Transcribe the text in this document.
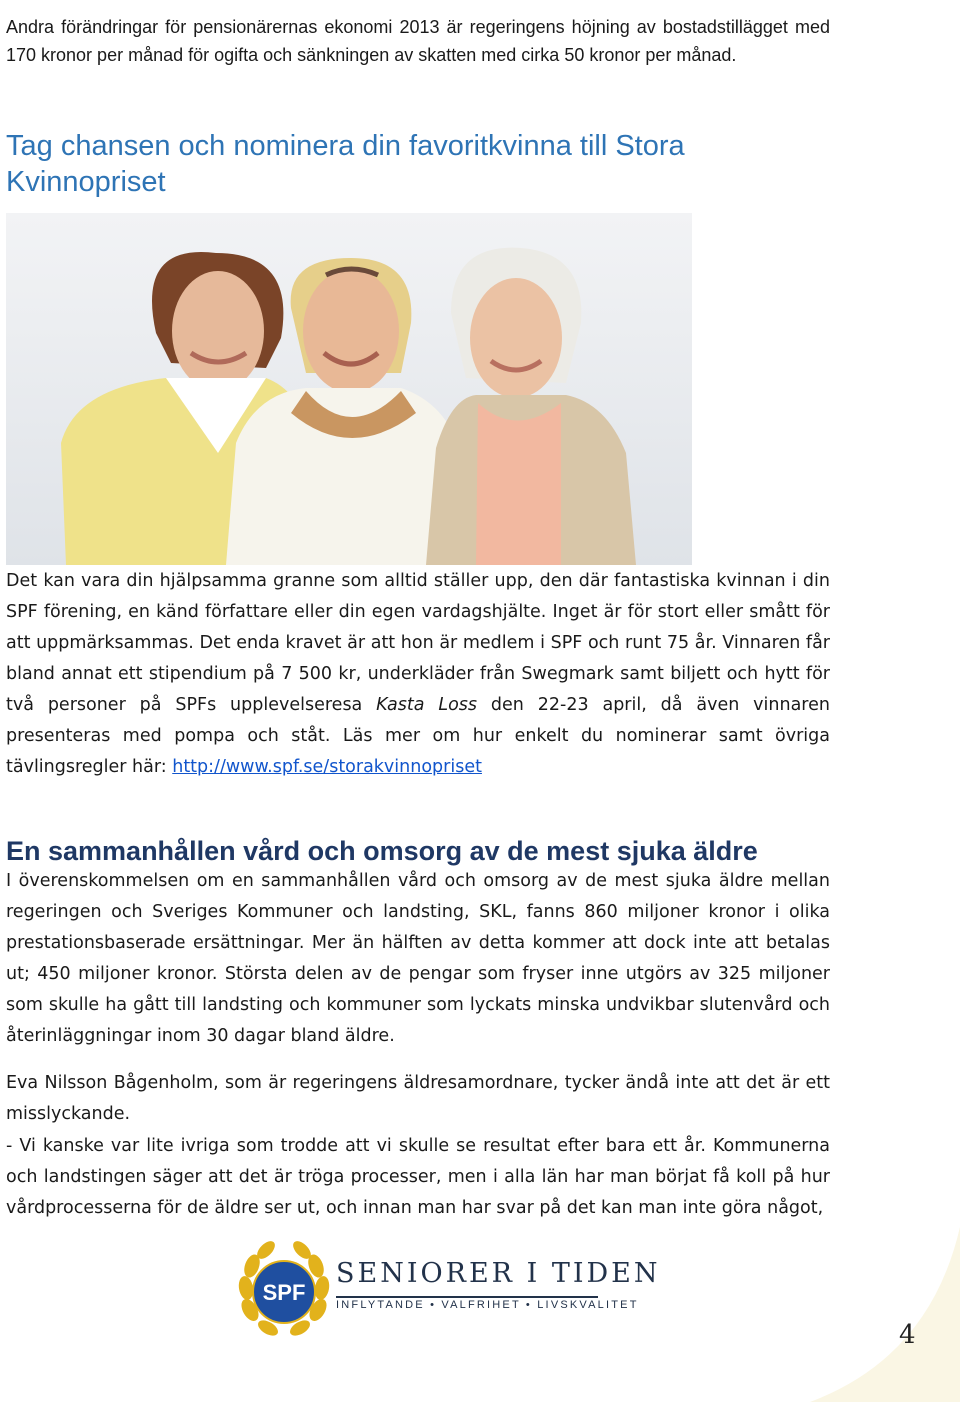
Andra förändringar för pensionärernas ekonomi 2013 är regeringens höjning av bostadstillägget med 170 kronor per månad för ogifta och sänkningen av skatten med cirka 50 kronor per månad.

Tag chansen och nominera din favoritkvinna till Stora Kvinnopriset

Det kan vara din hjälpsamma granne som alltid ställer upp, den där fantastiska kvinnan i din SPF förening, en känd författare eller din egen vardagshjälte. Inget är för stort eller smått för att uppmärksammas. Det enda kravet är att hon är medlem i SPF och runt 75 år. Vinnaren får bland annat ett stipendium på 7 500 kr, underkläder från Swegmark samt biljett och hytt för två personer på SPFs upplevelseresa Kasta Loss den 22-23 april, då även vinnaren presenteras med pompa och ståt. Läs mer om hur enkelt du nominerar samt övriga tävlingsregler här: http://www.spf.se/storakvinnopriset

En sammanhållen vård och omsorg av de mest sjuka äldre

I överenskommelsen om en sammanhållen vård och omsorg av de mest sjuka äldre mellan regeringen och Sveriges Kommuner och landsting, SKL, fanns 860 miljoner kronor i olika prestationsbaserade ersättningar. Mer än hälften av detta kommer att dock inte att betalas ut; 450 miljoner kronor. Största delen av de pengar som fryser inne utgörs av 325 miljoner som skulle ha gått till landsting och kommuner som lyckats minska undvikbar slutenvård och återinläggningar inom 30 dagar bland äldre.

Eva Nilsson Bågenholm, som är regeringens äldresamordnare, tycker ändå inte att det är ett misslyckande.

- Vi kanske var lite ivriga som trodde att vi skulle se resultat efter bara ett år. Kommunerna och landstingen säger att det är tröga processer, men i alla län har man börjat få koll på hur vårdprocesserna för de äldre ser ut, och innan man har svar på det kan man inte göra något,

SPF

SENIORER I TIDEN

INFLYTANDE • VALFRIHET • LIVSKVALITET

4
